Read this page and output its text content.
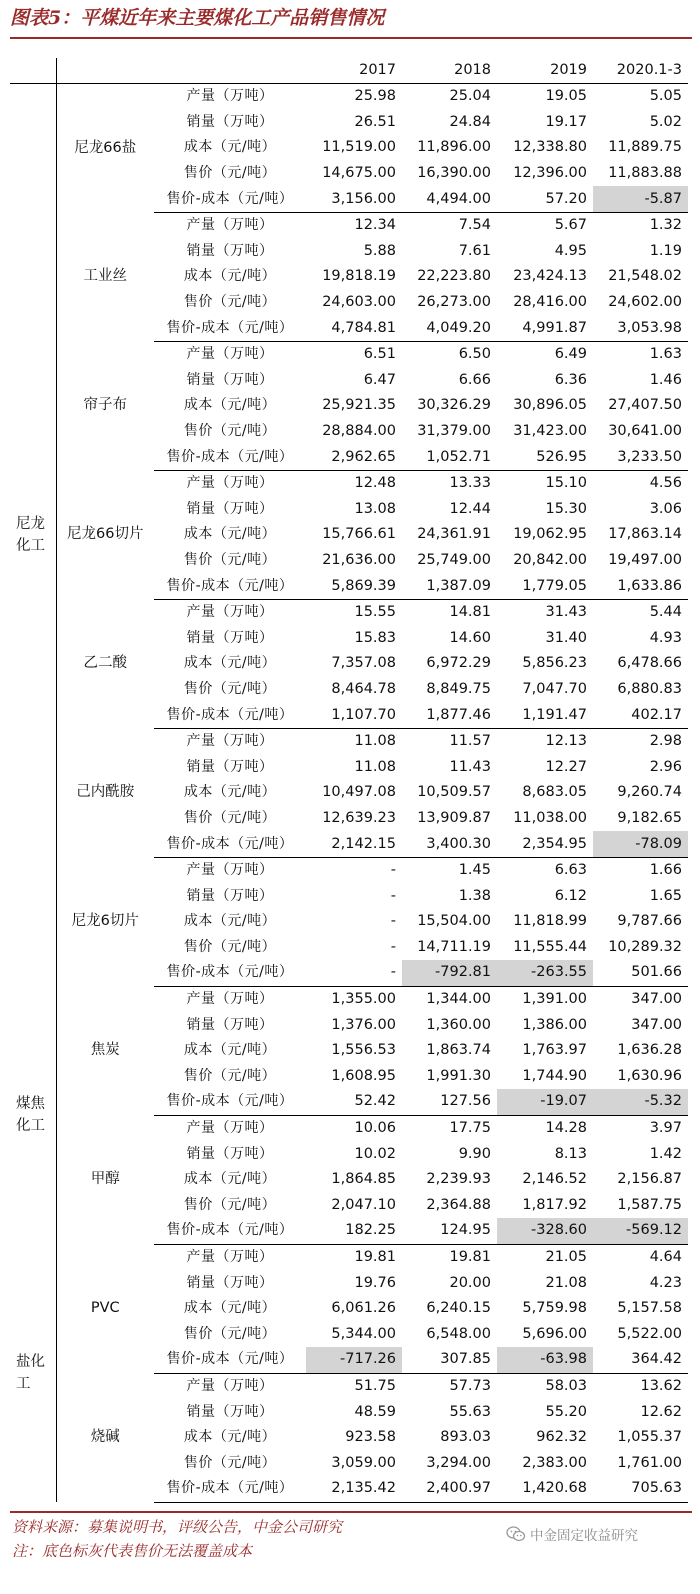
图表5：平煤近年来主要煤化工产品销售情况
			2017	2018	2019	2020.1-3

尼龙化工	尼龙66盐	产量（万吨）	25.98	25.04	19.05	5.05
		销量（万吨）	26.51	24.84	19.17	5.02
		成本（元/吨）	11,519.00	11,896.00	12,338.80	11,889.75
		售价（元/吨）	14,675.00	16,390.00	12,396.00	11,883.88
		售价-成本（元/吨）	3,156.00	4,494.00	57.20	-5.87
	工业丝	产量（万吨）	12.34	7.54	5.67	1.32
		销量（万吨）	5.88	7.61	4.95	1.19
		成本（元/吨）	19,818.19	22,223.80	23,424.13	21,548.02
		售价（元/吨）	24,603.00	26,273.00	28,416.00	24,602.00
		售价-成本（元/吨）	4,784.81	4,049.20	4,991.87	3,053.98
	帘子布	产量（万吨）	6.51	6.50	6.49	1.63
		销量（万吨）	6.47	6.66	6.36	1.46
		成本（元/吨）	25,921.35	30,326.29	30,896.05	27,407.50
		售价（元/吨）	28,884.00	31,379.00	31,423.00	30,641.00
		售价-成本（元/吨）	2,962.65	1,052.71	526.95	3,233.50
	尼龙66切片	产量（万吨）	12.48	13.33	15.10	4.56
		销量（万吨）	13.08	12.44	15.30	3.06
		成本（元/吨）	15,766.61	24,361.91	19,062.95	17,863.14
		售价（元/吨）	21,636.00	25,749.00	20,842.00	19,497.00
		售价-成本（元/吨）	5,869.39	1,387.09	1,779.05	1,633.86
	乙二酸	产量（万吨）	15.55	14.81	31.43	5.44
		销量（万吨）	15.83	14.60	31.40	4.93
		成本（元/吨）	7,357.08	6,972.29	5,856.23	6,478.66
		售价（元/吨）	8,464.78	8,849.75	7,047.70	6,880.83
		售价-成本（元/吨）	1,107.70	1,877.46	1,191.47	402.17
	己内酰胺	产量（万吨）	11.08	11.57	12.13	2.98
		销量（万吨）	11.08	11.43	12.27	2.96
		成本（元/吨）	10,497.08	10,509.57	8,683.05	9,260.74
		售价（元/吨）	12,639.23	13,909.87	11,038.00	9,182.65
		售价-成本（元/吨）	2,142.15	3,400.30	2,354.95	-78.09
	尼龙6切片	产量（万吨）	-	1.45	6.63	1.66
		销量（万吨）	-	1.38	6.12	1.65
		成本（元/吨）	-	15,504.00	11,818.99	9,787.66
		售价（元/吨）	-	14,711.19	11,555.44	10,289.32
		售价-成本（元/吨）	-	-792.81	-263.55	501.66

煤焦化工	焦炭	产量（万吨）	1,355.00	1,344.00	1,391.00	347.00
		销量（万吨）	1,376.00	1,360.00	1,386.00	347.00
		成本（元/吨）	1,556.53	1,863.74	1,763.97	1,636.28
		售价（元/吨）	1,608.95	1,991.30	1,744.90	1,630.96
		售价-成本（元/吨）	52.42	127.56	-19.07	-5.32
	甲醇	产量（万吨）	10.06	17.75	14.28	3.97
		销量（万吨）	10.02	9.90	8.13	1.42
		成本（元/吨）	1,864.85	2,239.93	2,146.52	2,156.87
		售价（元/吨）	2,047.10	2,364.88	1,817.92	1,587.75
		售价-成本（元/吨）	182.25	124.95	-328.60	-569.12

盐化工	PVC	产量（万吨）	19.81	19.81	21.05	4.64
		销量（万吨）	19.76	20.00	21.08	4.23
		成本（元/吨）	6,061.26	6,240.15	5,759.98	5,157.58
		售价（元/吨）	5,344.00	6,548.00	5,696.00	5,522.00
		售价-成本（元/吨）	-717.26	307.85	-63.98	364.42
	烧碱	产量（万吨）	51.75	57.73	58.03	13.62
		销量（万吨）	48.59	55.63	55.20	12.62
		成本（元/吨）	923.58	893.03	962.32	1,055.37
		售价（元/吨）	3,059.00	3,294.00	2,383.00	1,761.00
		售价-成本（元/吨）	2,135.42	2,400.97	1,420.68	705.63
资料来源：募集说明书，评级公告，中金公司研究
注：底色标灰代表售价无法覆盖成本
中金固定收益研究
